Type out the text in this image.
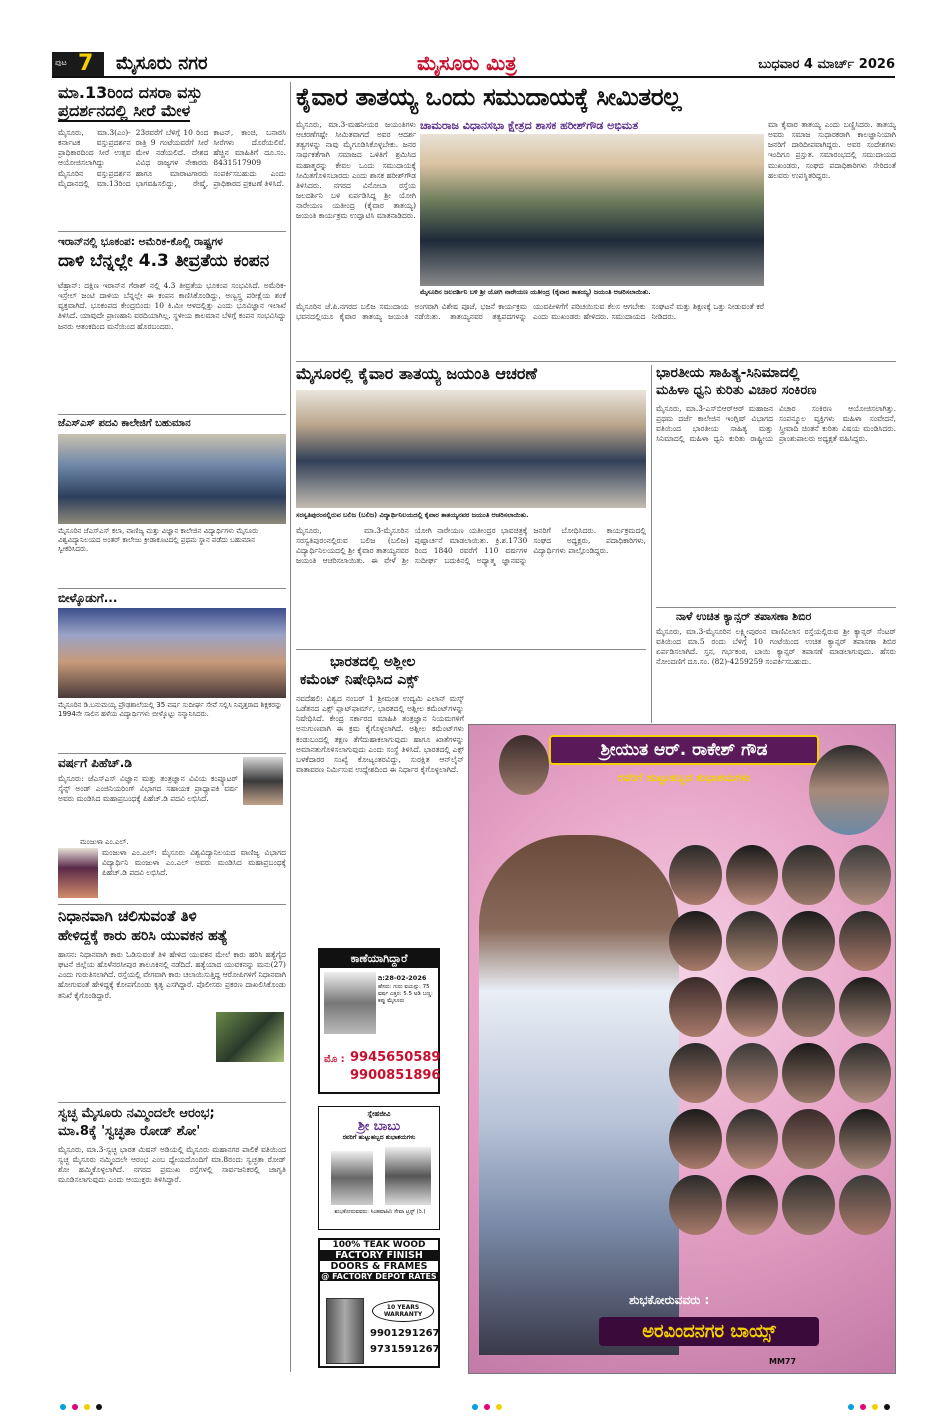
ಪುಟ 7 ಮೈಸೂರು ನಗರ	ಮೈಸೂರು ಮಿತ್ರ	ಬುಧವಾರ 4 ಮಾರ್ಚ್ 2026
ಮಾ.13ರಿಂದ ದಸರಾ ವಸ್ತು
ಪ್ರದರ್ಶನದಲ್ಲಿ ಸೀರೆ ಮೇಳ
ಮೈಸೂರು, ಮಾ.3(ಎಂ)-ಕರ್ನಾಟಕ ವಸ್ತುಪ್ರದರ್ಶನ ಪ್ರಾಧಿಕಾರದಿಂದ ಸೀರೆ ಉತ್ಸವ ಆಯೋಜಿಸಲಾಗಿದ್ದು ಮೈಸೂರಿನ ವಸ್ತುಪ್ರದರ್ಶನ ಮೈದಾನದಲ್ಲಿ ಮಾ.13ರಿಂದ 23ರವರೆಗೆ ಬೆಳಿಗ್ಗೆ 10 ರಿಂದ ರಾತ್ರಿ 9 ಗಂಟೆಯವರೆಗೆ ಸೀರೆ ಮೇಳ ನಡೆಯಲಿದೆ. ದೇಶದ ವಿವಿಧ ರಾಜ್ಯಗಳ ನೇಕಾರರು ಹಾಗೂ ಮಾರಾಟಗಾರರು ಭಾಗವಹಿಸಲಿದ್ದು, ರೇಷ್ಮೆ, ಕಾಟನ್, ಕಾಂಚಿ, ಬನಾರಸಿ ಸೀರೆಗಳು ದೊರೆಯಲಿವೆ. ಹೆಚ್ಚಿನ ಮಾಹಿತಿಗೆ ದೂ.ಸಂ. 8431517909 ಸಂಪರ್ಕಿಸಬಹುದು ಎಂದು ಪ್ರಾಧಿಕಾರದ ಪ್ರಕಟಣೆ ತಿಳಿಸಿದೆ.
ಇರಾನ್‌ನಲ್ಲಿ ಭೂಕಂಪ: ಅಮೆರಿಕ-ಕೊಲ್ಲಿ ರಾಷ್ಟ್ರಗಳ
ದಾಳಿ ಬೆನ್ನಲ್ಲೇ 4.3 ತೀವ್ರತೆಯ ಕಂಪನ
ಟೆಹ್ರಾನ್: ದಕ್ಷಿಣ ಇರಾನ್‌ನ ಗೆರಾಶ್ ನಲ್ಲಿ 4.3 ತೀವ್ರತೆಯ ಭೂಕಂಪ ಸಂಭವಿಸಿದೆ. ಅಮೆರಿಕ-ಇಸ್ರೇಲ್ ಜಂಟಿ ದಾಳಿಯ ಬೆನ್ನಲ್ಲೇ ಈ ಕಂಪನ ಕಾಣಿಸಿಕೊಂಡಿದ್ದು, ಅಣ್ವಸ್ತ್ರ ಪರೀಕ್ಷೆಯ ಶಂಕೆ ವ್ಯಕ್ತವಾಗಿದೆ. ಭೂಕಂಪದ ಕೇಂದ್ರಬಿಂದು 10 ಕಿ.ಮೀ ಆಳದಲ್ಲಿತ್ತು ಎಂದು ಭೂವಿಜ್ಞಾನ ಇಲಾಖೆ ತಿಳಿಸಿದೆ. ಯಾವುದೇ ಪ್ರಾಣಹಾನಿ ವರದಿಯಾಗಿಲ್ಲ. ಸ್ಥಳೀಯ ಕಾಲಮಾನ ಬೆಳಿಗ್ಗೆ ಕಂಪನ ಸಂಭವಿಸಿದ್ದು ಜನರು ಆತಂಕದಿಂದ ಮನೆಯಿಂದ ಹೊರಬಂದರು.
ಜೆಎಸ್‌ಎಸ್ ಪದವಿ ಕಾಲೇಜಿಗೆ ಬಹುಮಾನ
ಮೈಸೂರಿನ ಜೆಎಸ್‌ಎಸ್ ಕಲಾ, ವಾಣಿಜ್ಯ ಮತ್ತು ವಿಜ್ಞಾನ ಕಾಲೇಜಿನ ವಿದ್ಯಾರ್ಥಿಗಳು ಮೈಸೂರು ವಿಶ್ವವಿದ್ಯಾನಿಲಯದ ಅಂತರ್ ಕಾಲೇಜು ಕ್ರೀಡಾಕೂಟದಲ್ಲಿ ಪ್ರಥಮ ಸ್ಥಾನ ಪಡೆದು ಬಹುಮಾನ ಸ್ವೀಕರಿಸಿದರು.
ಬೀಳ್ಕೊಡುಗೆ...
ಮೈಸೂರಿನ ಡಿ.ಬನುಮಯ್ಯ ಪ್ರೌಢಶಾಲೆಯಲ್ಲಿ 35 ವರ್ಷ ಸುದೀರ್ಘ ಸೇವೆ ಸಲ್ಲಿಸಿ ನಿವೃತ್ತರಾದ ಶಿಕ್ಷಕರನ್ನು 1994ನೇ ಸಾಲಿನ ಹಳೆಯ ವಿದ್ಯಾರ್ಥಿಗಳು ಬೀಳ್ಕೊಟ್ಟು ಸನ್ಮಾನಿಸಿದರು.
ವರ್ಷಗೆ ಪಿಹೆಚ್.ಡಿ
ಮೈಸೂರು: ಜೆಎಸ್‌ಎಸ್ ವಿಜ್ಞಾನ ಮತ್ತು ತಂತ್ರಜ್ಞಾನ ವಿವಿಯ ಕಂಪ್ಯೂಟರ್ ಸೈನ್ಸ್ ಅಂಡ್ ಎಂಜಿನಿಯರಿಂಗ್ ವಿಭಾಗದ ಸಹಾಯಕ ಪ್ರಾಧ್ಯಾಪಕಿ ವರ್ಷ ಅವರು ಮಂಡಿಸಿದ ಮಹಾಪ್ರಬಂಧಕ್ಕೆ ಪಿಹೆಚ್.ಡಿ ಪದವಿ ಲಭಿಸಿದೆ.
ಮಂಜುಳಾ ಎಂ.ಎಲ್.
ಮಂಜುಳಾ ಎಂ.ಎಲ್: ಮೈಸೂರು ವಿಶ್ವವಿದ್ಯಾನಿಲಯದ ವಾಣಿಜ್ಯ ವಿಭಾಗದ ವಿದ್ಯಾರ್ಥಿನಿ ಮಂಜುಳಾ ಎಂ.ಎಲ್ ಅವರು ಮಂಡಿಸಿದ ಮಹಾಪ್ರಬಂಧಕ್ಕೆ ಪಿಹೆಚ್.ಡಿ ಪದವಿ ಲಭಿಸಿದೆ.
ನಿಧಾನವಾಗಿ ಚಲಿಸುವಂತೆ ತಿಳಿ
ಹೇಳಿದ್ದಕ್ಕೆ ಕಾರು ಹರಿಸಿ ಯುವಕನ ಹತ್ಯೆ
ಹಾಸನ: ನಿಧಾನವಾಗಿ ಕಾರು ಓಡಿಸುವಂತೆ ತಿಳಿ ಹೇಳಿದ ಯುವಕನ ಮೇಲೆ ಕಾರು ಹರಿಸಿ ಹತ್ಯೆಗೈದ ಘಟನೆ ಜಿಲ್ಲೆಯ ಹೊಳೆನರಸೀಪುರ ತಾಲೂಕಿನಲ್ಲಿ ನಡೆದಿದೆ. ಹತ್ಯೆಯಾದ ಯುವಕನನ್ನು ಮನು(27) ಎಂದು ಗುರುತಿಸಲಾಗಿದೆ. ರಸ್ತೆಯಲ್ಲಿ ವೇಗವಾಗಿ ಕಾರು ಚಲಾಯಿಸುತ್ತಿದ್ದ ಆರೋಪಿಗಳಿಗೆ ನಿಧಾನವಾಗಿ ಹೋಗುವಂತೆ ಹೇಳಿದ್ದಕ್ಕೆ ಕೋಪಗೊಂಡು ಕೃತ್ಯ ಎಸಗಿದ್ದಾರೆ. ಪೊಲೀಸರು ಪ್ರಕರಣ ದಾಖಲಿಸಿಕೊಂಡು ತನಿಖೆ ಕೈಗೊಂಡಿದ್ದಾರೆ.
ಸ್ವಚ್ಛ ಮೈಸೂರು ನಮ್ಮಿಂದಲೇ ಆರಂಭ;
ಮಾ.8ಕ್ಕೆ 'ಸ್ವಚ್ಛತಾ ರೋಡ್ ಶೋ'
ಮೈಸೂರು, ಮಾ.3-ಸ್ವಚ್ಛ ಭಾರತ ಮಿಷನ್ ಅಡಿಯಲ್ಲಿ ಮೈಸೂರು ಮಹಾನಗರ ಪಾಲಿಕೆ ವತಿಯಿಂದ ಸ್ವಚ್ಛ ಮೈಸೂರು ನಮ್ಮಿಂದಲೇ ಆರಂಭ ಎಂಬ ಧ್ಯೇಯದೊಂದಿಗೆ ಮಾ.8ರಂದು ಸ್ವಚ್ಛತಾ ರೋಡ್ ಶೋ ಹಮ್ಮಿಕೊಳ್ಳಲಾಗಿದೆ. ನಗರದ ಪ್ರಮುಖ ರಸ್ತೆಗಳಲ್ಲಿ ಸಾರ್ವಜನಿಕರಲ್ಲಿ ಜಾಗೃತಿ ಮೂಡಿಸಲಾಗುವುದು ಎಂದು ಆಯುಕ್ತರು ತಿಳಿಸಿದ್ದಾರೆ.
ಕೈವಾರ ತಾತಯ್ಯ ಒಂದು ಸಮುದಾಯಕ್ಕೆ ಸೀಮಿತರಲ್ಲ
ಚಾಮರಾಜ ವಿಧಾನಸಭಾ ಕ್ಷೇತ್ರದ ಶಾಸಕ ಹರೀಶ್‌ಗೌಡ ಅಭಿಮತ
ಮೈಸೂರು, ಮಾ.3-ಮಹನೀಯರ ಜಯಂತಿಗಳು ಆಚರಣೆಗಷ್ಟೇ ಸೀಮಿತವಾಗದೆ ಅವರ ಆದರ್ಶ ತತ್ವಗಳನ್ನು ನಾವು ಮೈಗೂಡಿಸಿಕೊಳ್ಳಬೇಕು. ಜನರ ಸಾರ್ಥಕತೆಗಾಗಿ ಸಮಾಜದ ಒಳಿತಿಗೆ ಶ್ರಮಿಸಿದ ಮಹಾತ್ಮರನ್ನು ಕೇವಲ ಒಂದು ಸಮುದಾಯಕ್ಕೆ ಸೀಮಿತಗೊಳಿಸಬಾರದು ಎಂದು ಶಾಸಕ ಹರೀಶ್‌ಗೌಡ ತಿಳಿಸಿದರು. ನಗರದ ವಿನೋಬಾ ರಸ್ತೆಯ ಜಲದರ್ಶಿನಿ ಬಳಿ ಏರ್ಪಡಿಸಿದ್ದ ಶ್ರೀ ಯೋಗಿ ನಾರೇಯಣ ಯತೀಂದ್ರ (ಕೈವಾರ ತಾತಯ್ಯ) ಜಯಂತಿ ಕಾರ್ಯಕ್ರಮ ಉದ್ಘಾಟಿಸಿ ಮಾತನಾಡಿದರು.
ಮೈಸೂರಿನ ಜಲದರ್ಶಿನಿ ಬಳಿ ಶ್ರೀ ಯೋಗಿ ನಾರೇಯಣ ಯತೀಂದ್ರ (ಕೈವಾರ ತಾತಯ್ಯ) ಜಯಂತಿ ಆಚರಿಸಲಾಯಿತು.
ಮಾ ಕೈವಾರ ತಾತಯ್ಯ ಎಂದು ಬಣ್ಣಿಸಿದರು. ತಾತಯ್ಯ ಅವರು ಸಮಾಜ ಸುಧಾರಕರಾಗಿ ಕಾಲಜ್ಞಾನಿಯಾಗಿ ಜನರಿಗೆ ದಾರಿದೀಪವಾಗಿದ್ದರು. ಅವರ ಸಂದೇಶಗಳು ಇಂದಿಗೂ ಪ್ರಸ್ತುತ. ಸಮಾರಂಭದಲ್ಲಿ ಸಮುದಾಯದ ಮುಖಂಡರು, ಸಂಘದ ಪದಾಧಿಕಾರಿಗಳು ಸೇರಿದಂತೆ ಹಲವರು ಉಪಸ್ಥಿತರಿದ್ದರು.
ಮೈಸೂರಿನ ಜೆ.ಪಿ.ನಗರದ ಬಲಿಜ ಸಮುದಾಯ ಭವನದಲ್ಲಿಯೂ ಕೈವಾರ ತಾತಯ್ಯ ಜಯಂತಿ ಅಂಗವಾಗಿ ವಿಶೇಷ ಪೂಜೆ, ಭಜನೆ ಕಾರ್ಯಕ್ರಮ ನಡೆಯಿತು. ತಾತಯ್ಯನವರ ತತ್ವಪದಗಳನ್ನು ಯುವಪೀಳಿಗೆಗೆ ಪರಿಚಯಿಸುವ ಕೆಲಸ ಆಗಬೇಕು ಎಂದು ಮುಖಂಡರು ಹೇಳಿದರು. ಸಮುದಾಯದ ಸಂಘಟನೆ ಮತ್ತು ಶಿಕ್ಷಣಕ್ಕೆ ಒತ್ತು ನೀಡುವಂತೆ ಕರೆ ನೀಡಿದರು.
ಮೈಸೂರಲ್ಲಿ ಕೈವಾರ ತಾತಯ್ಯ ಜಯಂತಿ ಆಚರಣೆ
ಸರಸ್ವತಿಪುರಂನಲ್ಲಿರುವ ಬಲಿಜ (ಬಲಿಜ) ವಿದ್ಯಾರ್ಥಿನಿಲಯದಲ್ಲಿ ಕೈವಾರ ತಾತಯ್ಯನವರ ಜಯಂತಿ ಆಚರಿಸಲಾಯಿತು.
ಮೈಸೂರು, ಮಾ.3-ಮೈಸೂರಿನ ಸರಸ್ವತಿಪುರಂನಲ್ಲಿರುವ ಬಲಿಜ (ಬಲಿಜ) ವಿದ್ಯಾರ್ಥಿನಿಲಯದಲ್ಲಿ ಶ್ರೀ ಕೈವಾರ ತಾತಯ್ಯನವರ ಜಯಂತಿ ಆಚರಿಸಲಾಯಿತು. ಈ ವೇಳೆ ಶ್ರೀ ಯೋಗಿ ನಾರೇಯಣ ಯತೀಂದ್ರರ ಭಾವಚಿತ್ರಕ್ಕೆ ಪುಷ್ಪಾರ್ಚನೆ ಮಾಡಲಾಯಿತು. ಕ್ರಿ.ಶ.1730 ರಿಂದ 1840 ರವರೆಗೆ 110 ವರ್ಷಗಳ ಸುದೀರ್ಘ ಬದುಕಿನಲ್ಲಿ ಅಧ್ಯಾತ್ಮ ಜ್ಞಾನವನ್ನು ಜನರಿಗೆ ಬೋಧಿಸಿದರು. ಕಾರ್ಯಕ್ರಮದಲ್ಲಿ ಸಂಘದ ಅಧ್ಯಕ್ಷರು, ಪದಾಧಿಕಾರಿಗಳು, ವಿದ್ಯಾರ್ಥಿಗಳು ಪಾಲ್ಗೊಂಡಿದ್ದರು.
ಭಾರತೀಯ ಸಾಹಿತ್ಯ-ಸಿನಿಮಾದಲ್ಲಿ
ಮಹಿಳಾ ಧ್ವನಿ ಕುರಿತು ವಿಚಾರ ಸಂಕಿರಣ
ಮೈಸೂರು, ಮಾ.3-ಎಸ್‌ಬಿಆರ್‌ಆರ್ ಮಹಾಜನ ಪ್ರಥಮ ದರ್ಜೆ ಕಾಲೇಜಿನ ಇಂಗ್ಲಿಷ್ ವಿಭಾಗದ ವತಿಯಿಂದ ಭಾರತೀಯ ಸಾಹಿತ್ಯ ಮತ್ತು ಸಿನಿಮಾದಲ್ಲಿ ಮಹಿಳಾ ಧ್ವನಿ ಕುರಿತು ರಾಷ್ಟ್ರೀಯ ವಿಚಾರ ಸಂಕಿರಣ ಆಯೋಜಿಸಲಾಗಿತ್ತು. ಸಂಪನ್ಮೂಲ ವ್ಯಕ್ತಿಗಳು ಮಹಿಳಾ ಸಂವೇದನೆ, ಸ್ತ್ರೀವಾದಿ ಚಿಂತನೆ ಕುರಿತು ವಿಷಯ ಮಂಡಿಸಿದರು. ಪ್ರಾಂಶುಪಾಲರು ಅಧ್ಯಕ್ಷತೆ ವಹಿಸಿದ್ದರು.
ನಾಳೆ ಉಚಿತ ಕ್ಯಾನ್ಸರ್ ತಪಾಸಣಾ ಶಿಬಿರ
ಮೈಸೂರು, ಮಾ.3-ಮೈಸೂರಿನ ಲಕ್ಷ್ಮೀಪುರಂನ ವಾಣಿವಿಲಾಸ ರಸ್ತೆಯಲ್ಲಿರುವ ಶ್ರೀ ಕ್ಯಾನ್ಸರ್ ಸೆಂಟರ್ ವತಿಯಿಂದ ಮಾ.5 ರಂದು ಬೆಳಿಗ್ಗೆ 10 ಗಂಟೆಯಿಂದ ಉಚಿತ ಕ್ಯಾನ್ಸರ್ ತಪಾಸಣಾ ಶಿಬಿರ ಏರ್ಪಡಿಸಲಾಗಿದೆ. ಸ್ತನ, ಗರ್ಭಕಂಠ, ಬಾಯಿ ಕ್ಯಾನ್ಸರ್ ತಪಾಸಣೆ ಮಾಡಲಾಗುವುದು. ಹೆಸರು ನೋಂದಣಿಗೆ ದೂ.ಸಂ. (82)-4259259 ಸಂಪರ್ಕಿಸಬಹುದು.
ಭಾರತದಲ್ಲಿ ಅಶ್ಲೀಲ
ಕಮೆಂಟ್ ನಿಷೇಧಿಸಿದ ಎಕ್ಸ್
ನವದೆಹಲಿ: ವಿಶ್ವದ ನಂಬರ್ 1 ಶ್ರೀಮಂತ ಉದ್ಯಮಿ ಎಲಾನ್ ಮಸ್ಕ್ ಒಡೆತನದ ಎಕ್ಸ್ ಪ್ಲಾಟ್‌ಫಾರ್ಮ್, ಭಾರತದಲ್ಲಿ ಅಶ್ಲೀಲ ಕಮೆಂಟ್‌ಗಳನ್ನು ನಿಷೇಧಿಸಿದೆ. ಕೇಂದ್ರ ಸರ್ಕಾರದ ಮಾಹಿತಿ ತಂತ್ರಜ್ಞಾನ ನಿಯಮಗಳಿಗೆ ಅನುಗುಣವಾಗಿ ಈ ಕ್ರಮ ಕೈಗೊಳ್ಳಲಾಗಿದೆ. ಅಶ್ಲೀಲ ಕಮೆಂಟ್‌ಗಳು ಕಂಡುಬಂದಲ್ಲಿ ತಕ್ಷಣ ತೆಗೆದುಹಾಕಲಾಗುವುದು ಹಾಗೂ ಖಾತೆಗಳನ್ನು ಅಮಾನತುಗೊಳಿಸಲಾಗುವುದು ಎಂದು ಸಂಸ್ಥೆ ತಿಳಿಸಿದೆ. ಭಾರತದಲ್ಲಿ ಎಕ್ಸ್ ಬಳಕೆದಾರರ ಸಂಖ್ಯೆ ಕೋಟ್ಯಂತರವಿದ್ದು, ಸುರಕ್ಷಿತ ಆನ್‌ಲೈನ್ ವಾತಾವರಣ ನಿರ್ಮಿಸುವ ಉದ್ದೇಶದಿಂದ ಈ ನಿರ್ಧಾರ ಕೈಗೊಳ್ಳಲಾಗಿದೆ.
ಕಾಣೆಯಾಗಿದ್ದಾರೆ
ದಿ:28-02-2026
ಹೆಸರು: ಗುರು ವಯಸ್ಸು: 75 ವರ್ಷ ಎತ್ತರ: 5.5 ಅಡಿ ಬಣ್ಣ: ಕಪ್ಪು ಮೈಸೂರು
ಮೊ : 9945650589
9900851896
ಸ್ನೇಹಜೀವಿ
ಶ್ರೀ ಬಾಬು
ರವರಿಗೆ ಹುಟ್ಟುಹಬ್ಬದ ಶುಭಾಶಯಗಳು
ಶುಭಕೋರುವವರು: ಸಿಂಹವಾಹಿನಿ ಸೇವಾ ಟ್ರಸ್ಟ್ (ರಿ.)
100% TEAK WOOD
FACTORY FINISH
DOORS & FRAMES
@ FACTORY DEPOT RATES
10 YEARS WARRANTY
9901291267
9731591267
ಶ್ರೀಯುತ ಆರ್. ರಾಕೇಶ್ ಗೌಡ
ರವರಿಗೆ ಹುಟ್ಟುಹಬ್ಬದ ಶುಭಾಶಯಗಳು
ಶುಭಕೋರುವವರು :
ಅರವಿಂದನಗರ ಬಾಯ್ಸ್
MM77
